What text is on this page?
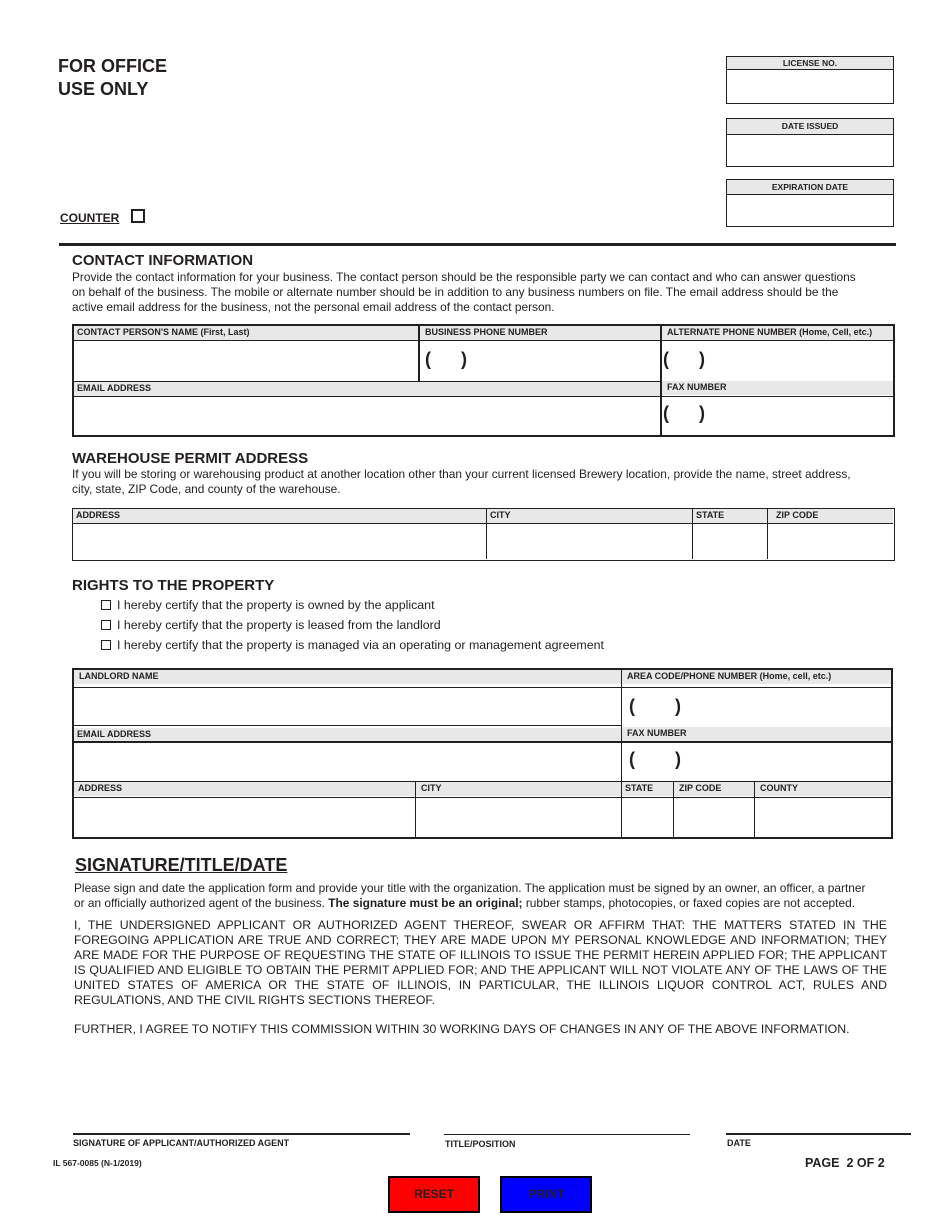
FOR OFFICE
USE ONLY
COUNTER
LICENSE NO.
DATE ISSUED
EXPIRATION DATE
CONTACT INFORMATION
Provide the contact information for your business. The contact person should be the responsible party we can contact and who can answer questions
on behalf of the business. The mobile or alternate number should be in addition to any business numbers on file. The email address should be the
active email address for the business, not the personal email address of the contact person.
CONTACT PERSON'S NAME (First, Last)	BUSINESS PHONE NUMBER	ALTERNATE PHONE NUMBER (Home, Cell, etc.)
(      )	(      )
EMAIL ADDRESS	FAX NUMBER
(      )
WAREHOUSE PERMIT ADDRESS
If you will be storing or warehousing product at another location other than your current licensed Brewery location, provide the name, street address,
city, state, ZIP Code, and county of the warehouse.
ADDRESS	CITY	STATE	ZIP CODE
RIGHTS TO THE PROPERTY
I hereby certify that the property is owned by the applicant
I hereby certify that the property is leased from the landlord
I hereby certify that the property is managed via an operating or management agreement
LANDLORD NAME	AREA CODE/PHONE NUMBER (Home, cell, etc.)
(        )
EMAIL ADDRESS	FAX NUMBER
(        )
ADDRESS	CITY	STATE	ZIP CODE	COUNTY
SIGNATURE/TITLE/DATE
Please sign and date the application form and provide your title with the organization. The application must be signed by an owner, an officer, a partner
or an officially authorized agent of the business. The signature must be an original; rubber stamps, photocopies, or faxed copies are not accepted.
I, THE UNDERSIGNED APPLICANT OR AUTHORIZED AGENT THEREOF, SWEAR OR AFFIRM THAT: THE MATTERS STATED IN THE FOREGOING APPLICATION ARE TRUE AND CORRECT; THEY ARE MADE UPON MY PERSONAL KNOWLEDGE AND INFORMATION; THEY ARE MADE FOR THE PURPOSE OF REQUESTING THE STATE OF ILLINOIS TO ISSUE THE PERMIT HEREIN APPLIED FOR; THE APPLICANT IS QUALIFIED AND ELIGIBLE TO OBTAIN THE PERMIT APPLIED FOR; AND THE APPLICANT WILL NOT VIOLATE ANY OF THE LAWS OF THE UNITED STATES OF AMERICA OR THE STATE OF ILLINOIS, IN PARTICULAR, THE ILLINOIS LIQUOR CONTROL ACT, RULES AND REGULATIONS, AND THE CIVIL RIGHTS SECTIONS THEREOF.
FURTHER, I AGREE TO NOTIFY THIS COMMISSION WITHIN 30 WORKING DAYS OF CHANGES IN ANY OF THE ABOVE INFORMATION.
SIGNATURE OF APPLICANT/AUTHORIZED AGENT	TITLE/POSITION	DATE
IL 567-0085 (N-1/2019)	PAGE  2 OF 2
RESET	PRINT
